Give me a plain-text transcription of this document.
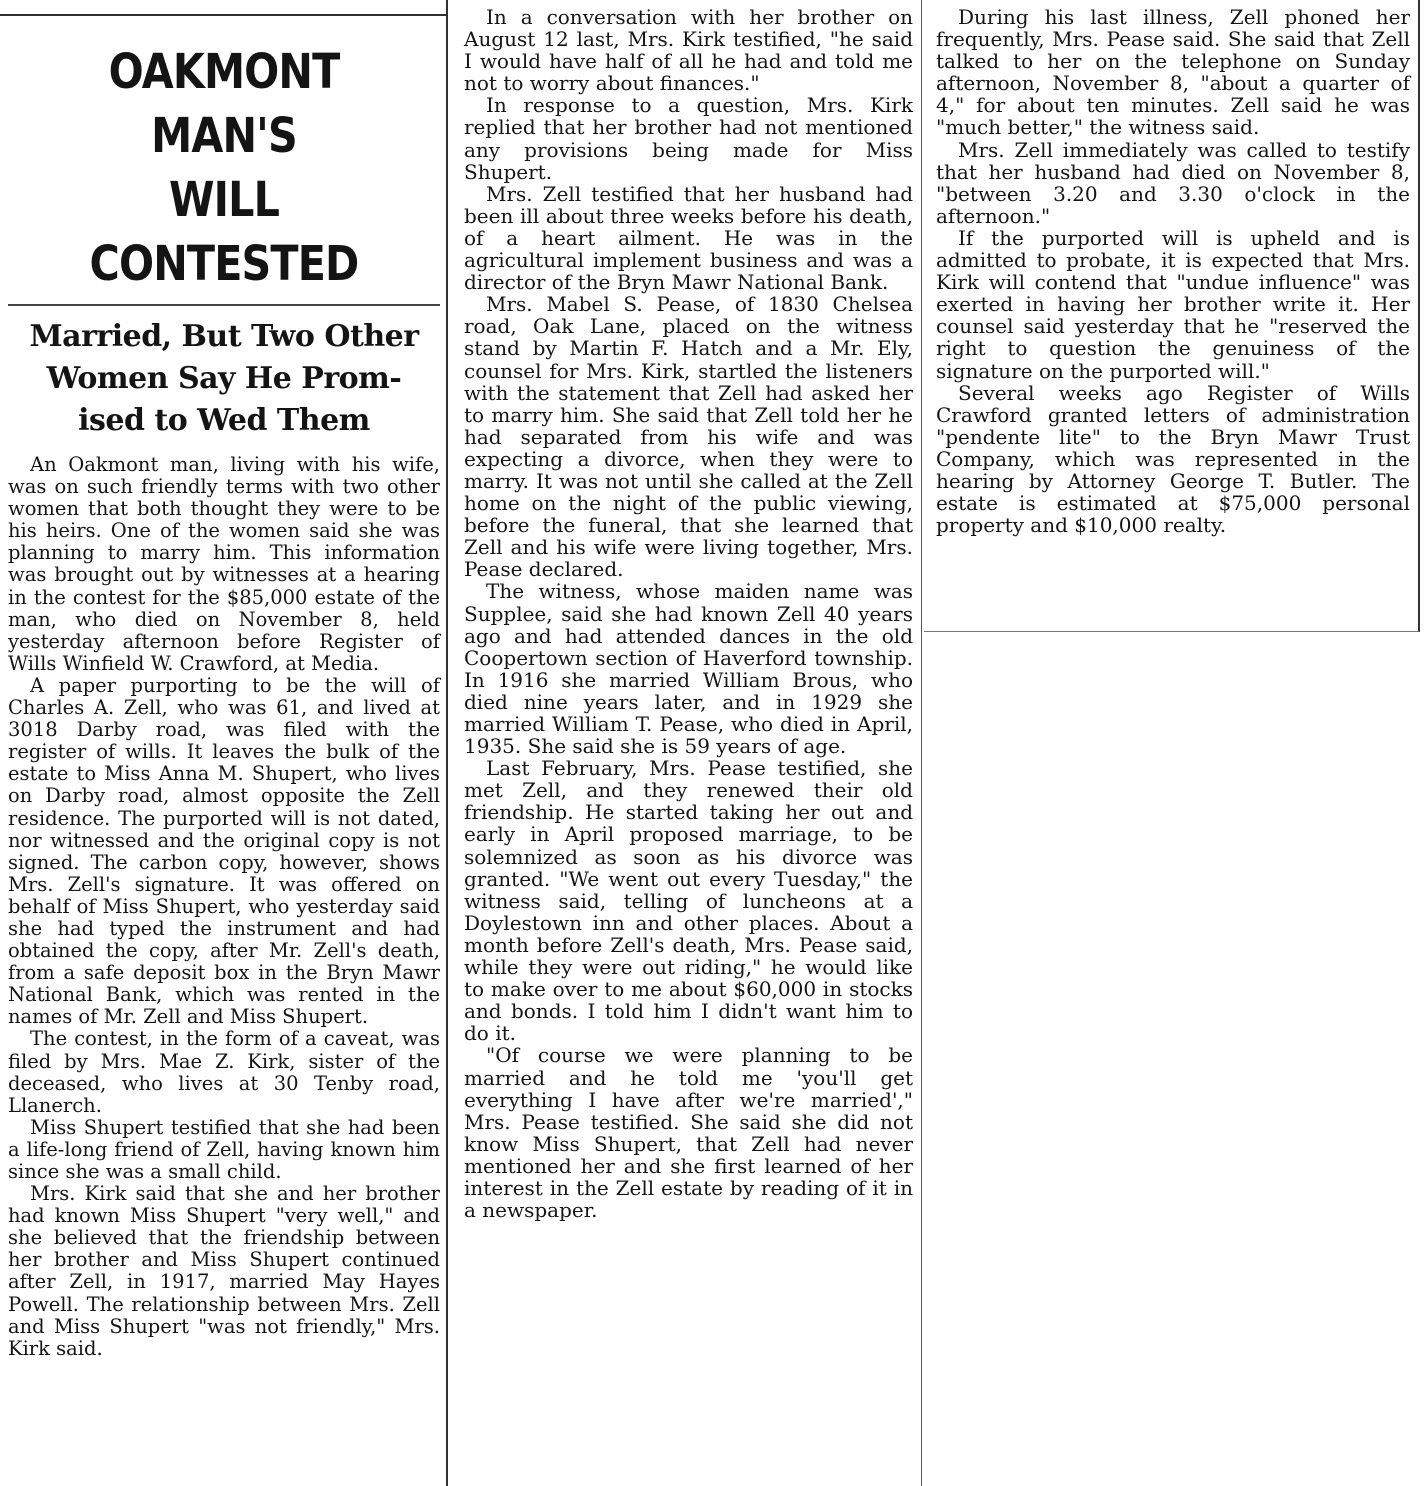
OAKMONT MAN'S
WILL CONTESTED
Married, But Two Other
Women Say He Prom-
ised to Wed Them

An Oakmont man, living with his wife, was on such friendly terms with two other women that both thought they were to be his heirs. One of the women said she was planning to marry him. This information was brought out by witnesses at a hearing in the contest for the $85,000 estate of the man, who died on November 8, held yesterday afternoon before Register of Wills Winfield W. Crawford, at Media.

A paper purporting to be the will of Charles A. Zell, who was 61, and lived at 3018 Darby road, was filed with the register of wills. It leaves the bulk of the estate to Miss Anna M. Shupert, who lives on Darby road, almost opposite the Zell residence. The purported will is not dated, nor witnessed and the original copy is not signed. The carbon copy, however, shows Mrs. Zell's signature. It was offered on behalf of Miss Shupert, who yesterday said she had typed the instrument and had obtained the copy, after Mr. Zell's death, from a safe deposit box in the Bryn Mawr National Bank, which was rented in the names of Mr. Zell and Miss Shupert.

The contest, in the form of a caveat, was filed by Mrs. Mae Z. Kirk, sister of the deceased, who lives at 30 Tenby road, Llanerch.

Miss Shupert testified that she had been a life-long friend of Zell, having known him since she was a small child.

Mrs. Kirk said that she and her brother had known Miss Shupert "very well," and she believed that the friendship between her brother and Miss Shupert continued after Zell, in 1917, married May Hayes Powell. The relationship between Mrs. Zell and Miss Shupert "was not friendly," Mrs. Kirk said.

In a conversation with her brother on August 12 last, Mrs. Kirk testified, "he said I would have half of all he had and told me not to worry about finances."

In response to a question, Mrs. Kirk replied that her brother had not mentioned any provisions being made for Miss Shupert.

Mrs. Zell testified that her husband had been ill about three weeks before his death, of a heart ailment. He was in the agricultural implement business and was a director of the Bryn Mawr National Bank.

Mrs. Mabel S. Pease, of 1830 Chelsea road, Oak Lane, placed on the witness stand by Martin F. Hatch and a Mr. Ely, counsel for Mrs. Kirk, startled the listeners with the statement that Zell had asked her to marry him. She said that Zell told her he had separated from his wife and was expecting a divorce, when they were to marry. It was not until she called at the Zell home on the night of the public viewing, before the funeral, that she learned that Zell and his wife were living together, Mrs. Pease declared.

The witness, whose maiden name was Supplee, said she had known Zell 40 years ago and had attended dances in the old Coopertown section of Haverford township. In 1916 she married William Brous, who died nine years later, and in 1929 she married William T. Pease, who died in April, 1935. She said she is 59 years of age.

Last February, Mrs. Pease testified, she met Zell, and they renewed their old friendship. He started taking her out and early in April proposed marriage, to be solemnized as soon as his divorce was granted. "We went out every Tuesday," the witness said, telling of luncheons at a Doylestown inn and other places. About a month before Zell's death, Mrs. Pease said, while they were out riding," he would like to make over to me about $60,000 in stocks and bonds. I told him I didn't want him to do it.

"Of course we were planning to be married and he told me 'you'll get everything I have after we're married'," Mrs. Pease testified. She said she did not know Miss Shupert, that Zell had never mentioned her and she first learned of her interest in the Zell estate by reading of it in a newspaper.

During his last illness, Zell phoned her frequently, Mrs. Pease said. She said that Zell talked to her on the telephone on Sunday afternoon, November 8, "about a quarter of 4," for about ten minutes. Zell said he was "much better," the witness said.

Mrs. Zell immediately was called to testify that her husband had died on November 8, "between 3.20 and 3.30 o'clock in the afternoon."

If the purported will is upheld and is admitted to probate, it is expected that Mrs. Kirk will contend that "undue influence" was exerted in having her brother write it. Her counsel said yesterday that he "reserved the right to question the genuiness of the signature on the purported will."

Several weeks ago Register of Wills Crawford granted letters of administration "pendente lite" to the Bryn Mawr Trust Company, which was represented in the hearing by Attorney George T. Butler. The estate is estimated at $75,000 personal property and $10,000 realty.
